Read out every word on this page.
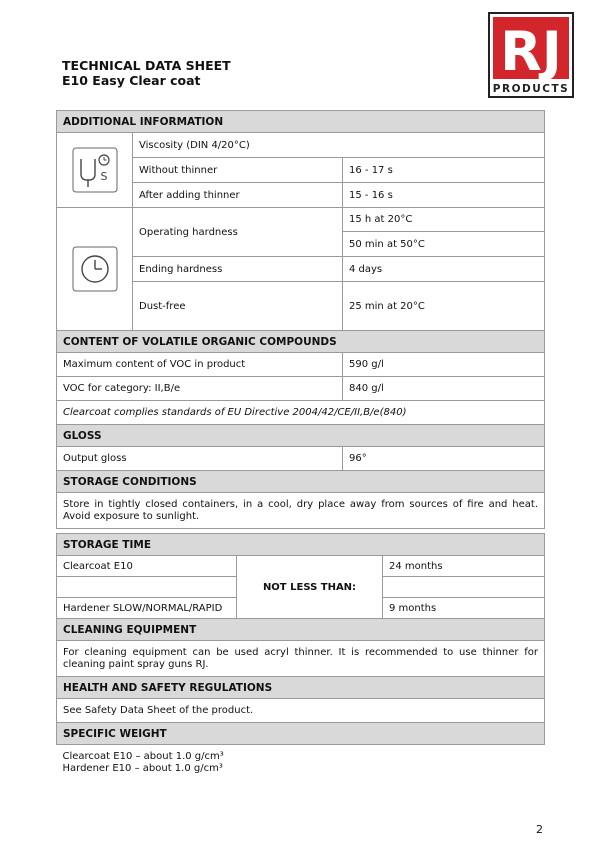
TECHNICAL DATA SHEET
E10 Easy Clear coat	RJ
PRODUCTS
ADDITIONAL INFORMATION		

S	Viscosity (DIN 4/20°C)	
	Without thinner	16 - 17 s
	After adding thinner	15 - 16 s

	Operating hardness	15 h at 20°C
		50 min at 50°C
	Ending hardness	4 days
	Dust-free	25 min at 20°C
CONTENT OF VOLATILE ORGANIC COMPOUNDS		
Maximum content of VOC in product		590 g/l
VOC for category: II,B/e		840 g/l
Clearcoat complies standards of EU Directive 2004/42/CE/II,B/e(840)		
GLOSS		
Output gloss		96°
STORAGE CONDITIONS		
Store in tightly closed containers, in a cool, dry place away from sources of fire and heat. Avoid exposure to sunlight.		
STORAGE TIME		
Clearcoat E10	NOT LESS THAN:	24 months

Hardener SLOW/NORMAL/RAPID		9 months
CLEANING EQUIPMENT		
For cleaning equipment can be used acryl thinner. It is recommended to use thinner for cleaning paint spray guns RJ.		
HEALTH AND SAFETY REGULATIONS		
See Safety Data Sheet of the product.		
SPECIFIC WEIGHT		

Clearcoat E10 – about 1.0 g/cm³
Hardener E10 – about 1.0 g/cm³		
2
